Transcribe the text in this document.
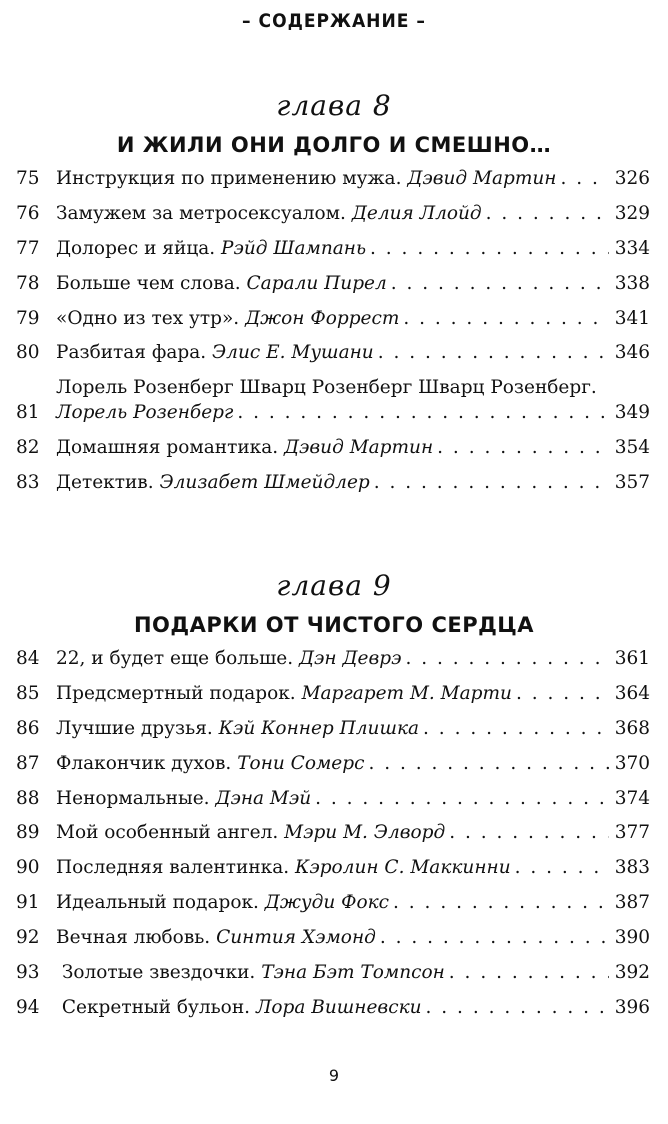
– СОДЕРЖАНИЕ –
глава 8
И ЖИЛИ ОНИ ДОЛГО И СМЕШНО…
75 Инструкция по применению мужа. Дэвид Мартин . . .	326
76 Замужем за метросексуалом. Делия Ллойд . . .	329
77 Долорес и яйца. Рэйд Шампань . . .	334
78 Больше чем слова. Сарали Пирел . . .	338
79 «Одно из тех утр». Джон Форрест . . .	341
80 Разбитая фара. Элис Е. Мушани . . .	346
81
Лорель Розенберг Шварц Розенберг Шварц Розенберг.
Лорель Розенберг . . .	349
82 Домашняя романтика. Дэвид Мартин . . .	354
83 Детектив. Элизабет Шмейдлер . . .	357
глава 9
ПОДАРКИ ОТ ЧИСТОГО СЕРДЦА
84 22, и будет еще больше. Дэн Деврэ . . .	361
85 Предсмертный подарок. Маргарет М. Марти . . .	364
86 Лучшие друзья. Кэй Коннер Плишка . . .	368
87 Флакончик духов. Тони Сомерс . . .	370
88 Ненормальные. Дэна Мэй . . .	374
89 Мой особенный ангел. Мэри М. Элворд . . .	377
90 Последняя валентинка. Кэролин С. Маккинни . . .	383
91 Идеальный подарок. Джуди Фокс . . .	387
92 Вечная любовь. Синтия Хэмонд . . .	390
93 Золотые звездочки. Тэна Бэт Томпсон . . .	392
94 Секретный бульон. Лора Вишневски . . .	396
9
